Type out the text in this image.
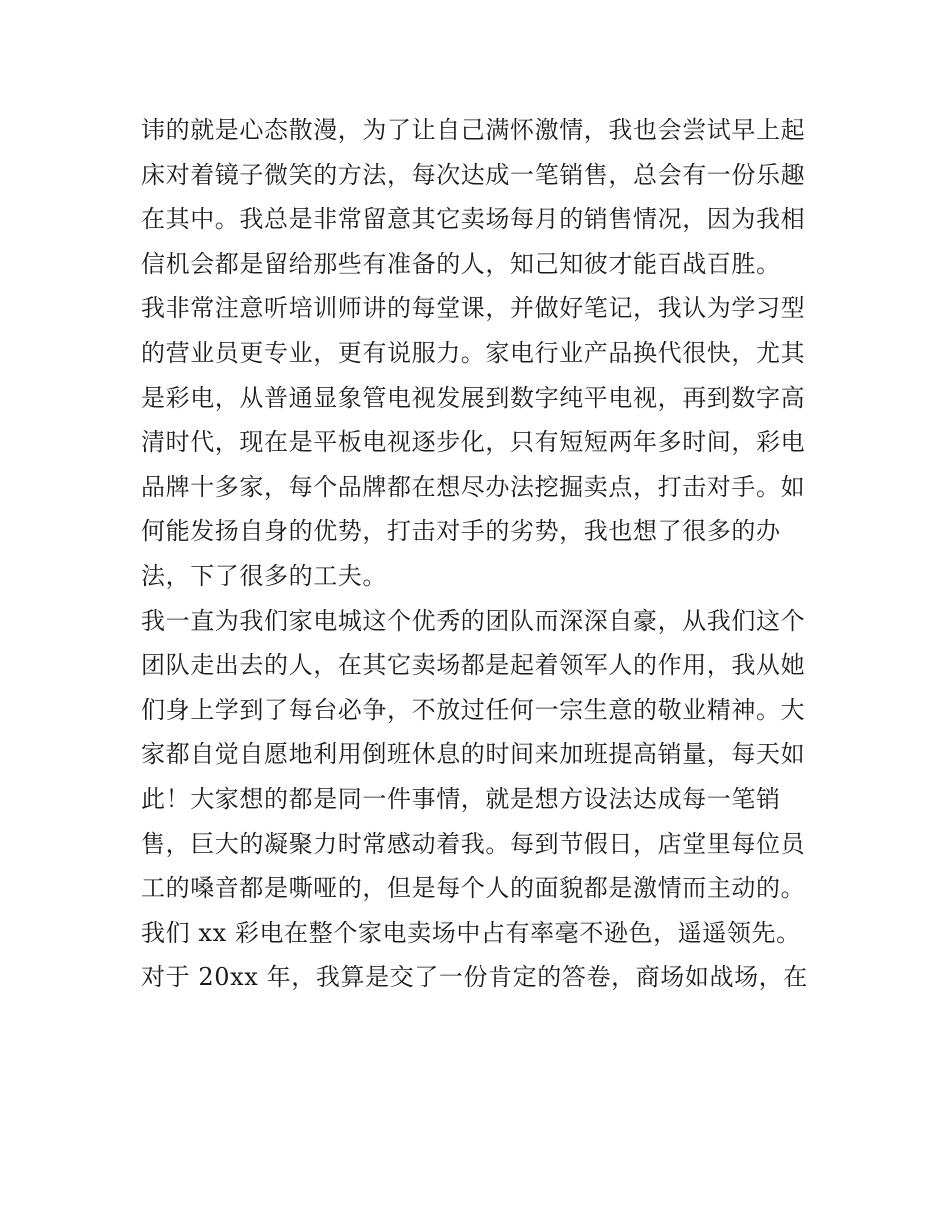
讳的就是心态散漫，为了让自己满怀激情，我也会尝试早上起
床对着镜子微笑的方法，每次达成一笔销售，总会有一份乐趣
在其中。我总是非常留意其它卖场每月的销售情况，因为我相
信机会都是留给那些有准备的人，知己知彼才能百战百胜。
我非常注意听培训师讲的每堂课，并做好笔记，我认为学习型
的营业员更专业，更有说服力。家电行业产品换代很快，尤其
是彩电，从普通显象管电视发展到数字纯平电视，再到数字高
清时代，现在是平板电视逐步化，只有短短两年多时间，彩电
品牌十多家，每个品牌都在想尽办法挖掘卖点，打击对手。如
何能发扬自身的优势，打击对手的劣势，我也想了很多的办
法，下了很多的工夫。
我一直为我们家电城这个优秀的团队而深深自豪，从我们这个
团队走出去的人，在其它卖场都是起着领军人的作用，我从她
们身上学到了每台必争，不放过任何一宗生意的敬业精神。大
家都自觉自愿地利用倒班休息的时间来加班提高销量，每天如
此！大家想的都是同一件事情，就是想方设法达成每一笔销
售，巨大的凝聚力时常感动着我。每到节假日，店堂里每位员
工的嗓音都是嘶哑的，但是每个人的面貌都是激情而主动的。
我们 xx 彩电在整个家电卖场中占有率毫不逊色，遥遥领先。
对于 20xx 年，我算是交了一份肯定的答卷，商场如战场，在
